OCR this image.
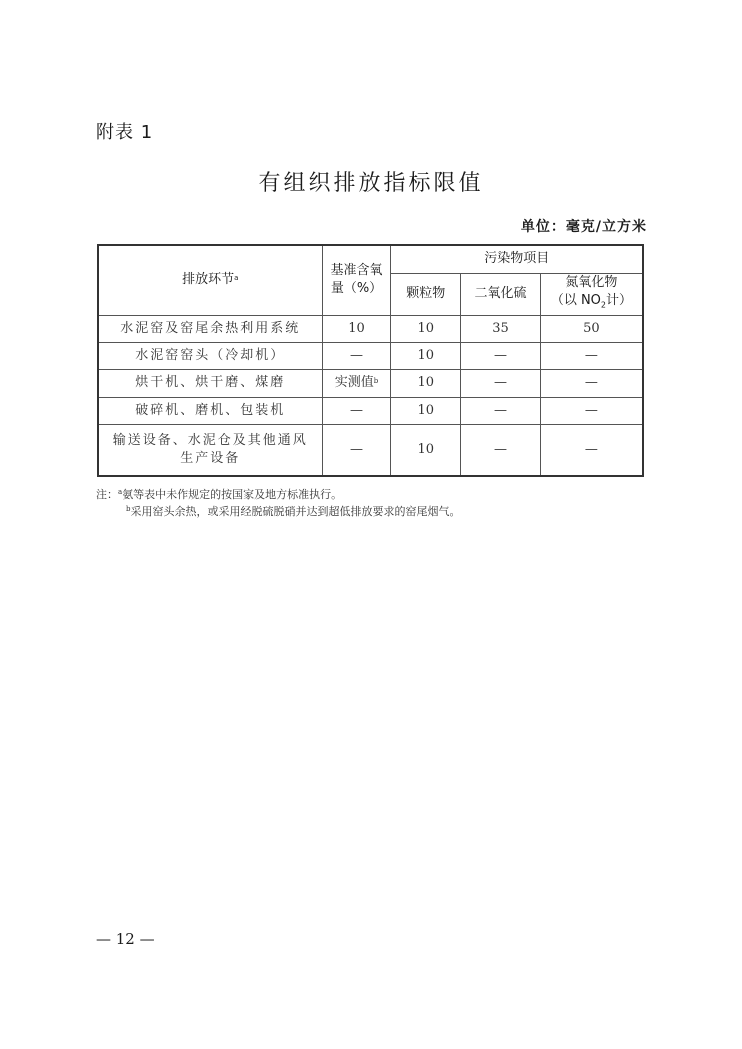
附表 1
有组织排放指标限值
单位：毫克/立方米
排放环节$^a$	基准含氧量（%）	污染物项目		
		颗粒物	二氧化硫	氮氧化物
（以 $NO_2$计）

水泥窑及窑尾余热利用系统	10	10	35	50
水泥窑窑头（冷却机）	—	10	—	—
烘干机、烘干磨、煤磨	实测值$^b$	10	—	—
破碎机、磨机、包装机	—	10	—	—
输送设备、水泥仓及其他通风生产设备	—	10	—	—
注：$^a$氨等表中未作规定的按国家及地方标准执行。
$^b$采用窑头余热，或采用经脱硫脱硝并达到超低排放要求的窑尾烟气。
— 12 —
